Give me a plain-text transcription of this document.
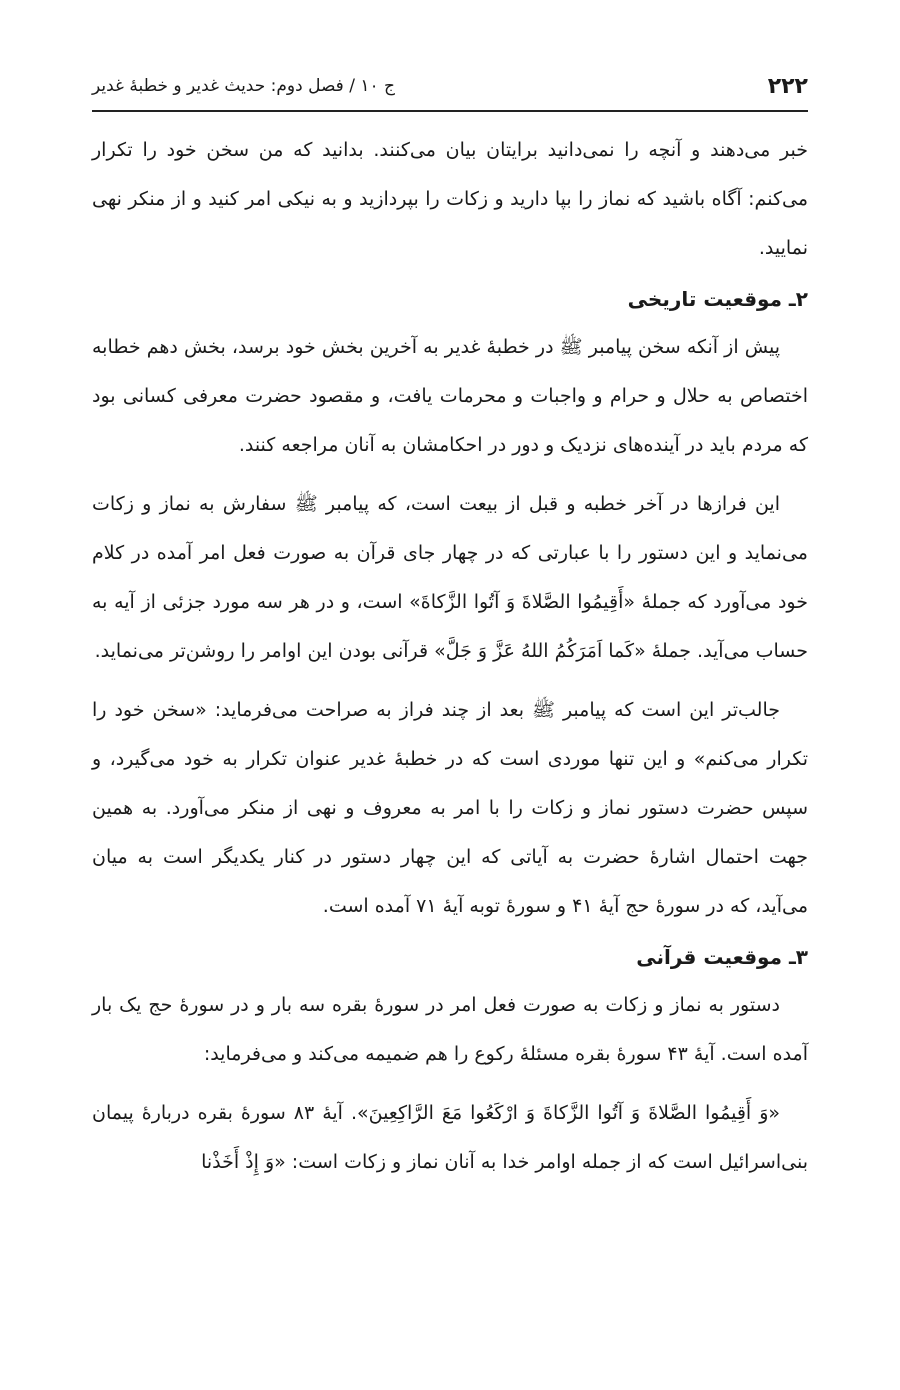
۲۲۲
ج ۱۰ / فصل دوم: حدیث غدیر و خطبۀ غدیر

خبر می‌دهند و آنچه را نمی‌دانید برایتان بیان می‌کنند. بدانید که من سخن خود را تکرار می‌کنم: آگاه باشید که نماز را بپا دارید و زکات را بپردازید و به نیکی امر کنید و از منکر نهی نمایید.

۲ـ موقعیت تاریخی

پیش از آنکه سخن پیامبر ﷺ در خطبۀ غدیر به آخرین بخش خود برسد، بخش دهم خطابه اختصاص به حلال و حرام و واجبات و محرمات یافت، و مقصود حضرت معرفی کسانی بود که مردم باید در آینده‌های نزدیک و دور در احکامشان به آنان مراجعه کنند.

این فرازها در آخر خطبه و قبل از بیعت است، که پیامبر ﷺ سفارش به نماز و زکات می‌نماید و این دستور را با عبارتی که در چهار جای قرآن به صورت فعل امر آمده در کلام خود می‌آورد که جملۀ «أَقِيمُوا الصَّلاةَ وَ آتُوا الزَّكاةَ» است، و در هر سه مورد جزئی از آیه به حساب می‌آید. جملۀ «كَما اَمَرَكُمُ اللهُ عَزَّ وَ جَلَّ» قرآنی بودن این اوامر را روشن‌تر می‌نماید.

جالب‌تر این است که پیامبر ﷺ بعد از چند فراز به صراحت می‌فرماید: «سخن خود را تکرار می‌کنم» و این تنها موردی است که در خطبۀ غدیر عنوان تکرار به خود می‌گیرد، و سپس حضرت دستور نماز و زکات را با امر به معروف و نهی از منکر می‌آورد. به همین جهت احتمال اشارۀ حضرت به آیاتی که این چهار دستور در کنار یکدیگر است به میان می‌آید، که در سورۀ حج آیۀ ۴۱ و سورۀ توبه آیۀ ۷۱ آمده است.

۳ـ موقعیت قرآنی

دستور به نماز و زکات به صورت فعل امر در سورۀ بقره سه بار و در سورۀ حج یک بار آمده است. آیۀ ۴۳ سورۀ بقره مسئلۀ رکوع را هم ضمیمه می‌کند و می‌فرماید:

«وَ أَقِيمُوا الصَّلاةَ وَ آتُوا الزَّكاةَ وَ ارْكَعُوا مَعَ الرَّاكِعِينَ». آیۀ ۸۳ سورۀ بقره دربارۀ پیمان بنی‌اسرائیل است که از جمله اوامر خدا به آنان نماز و زکات است: «وَ إِذْ أَخَذْنا
